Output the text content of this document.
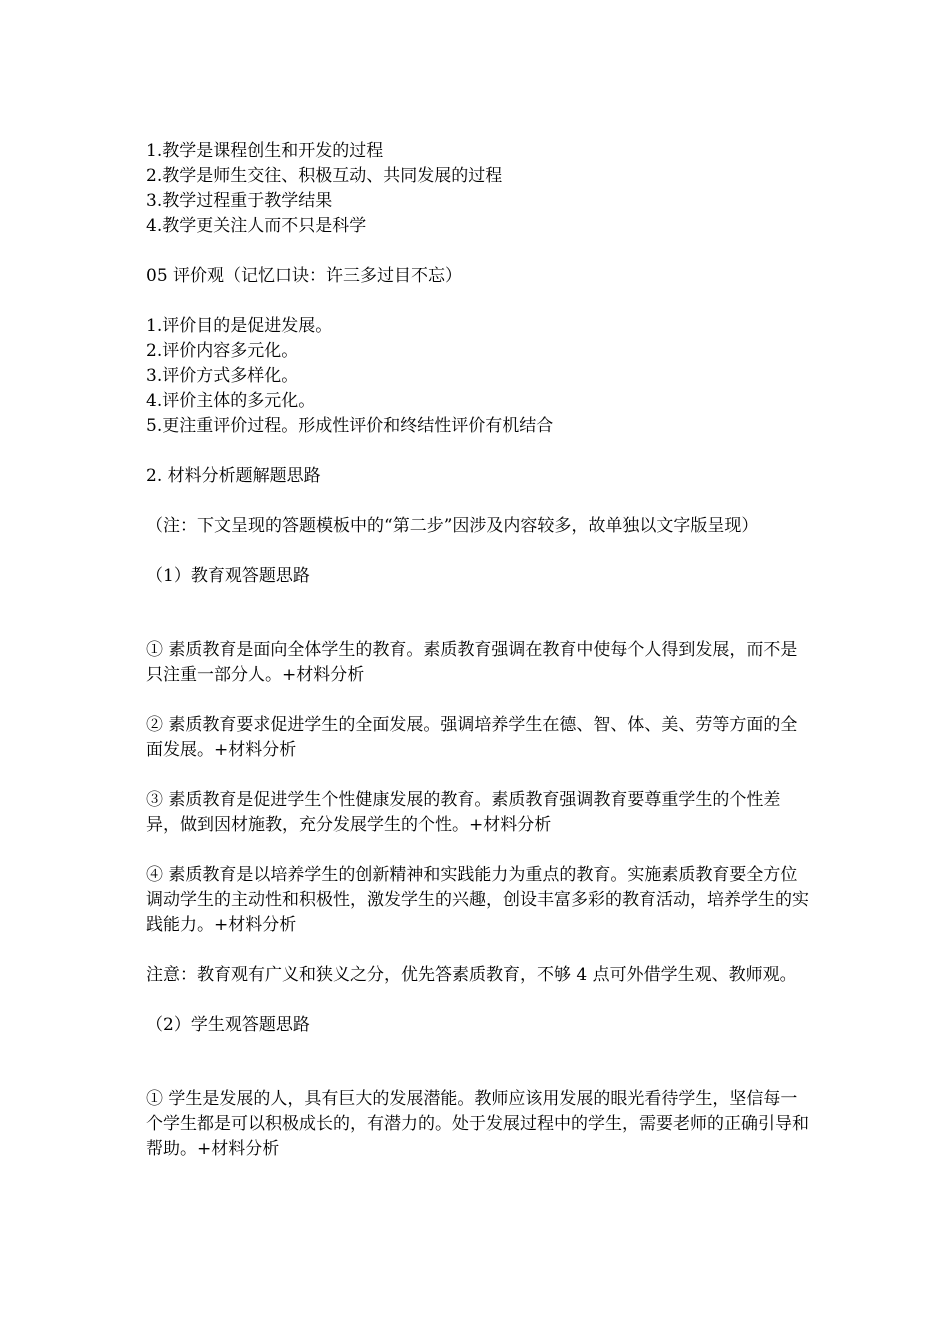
1.教学是课程创生和开发的过程
2.教学是师生交往、积极互动、共同发展的过程
3.教学过程重于教学结果
4.教学更关注人而不只是科学
05 评价观（记忆口诀：许三多过目不忘）
1.评价目的是促进发展。
2.评价内容多元化。
3.评价方式多样化。
4.评价主体的多元化。
5.更注重评价过程。形成性评价和终结性评价有机结合
2. 材料分析题解题思路
（注：下文呈现的答题模板中的“第二步”因涉及内容较多，故单独以文字版呈现）
（1）教育观答题思路
① 素质教育是面向全体学生的教育。素质教育强调在教育中使每个人得到发展，而不是只注重一部分人。+材料分析
② 素质教育要求促进学生的全面发展。强调培养学生在德、智、体、美、劳等方面的全面发展。+材料分析
③ 素质教育是促进学生个性健康发展的教育。素质教育强调教育要尊重学生的个性差异，做到因材施教，充分发展学生的个性。+材料分析
④ 素质教育是以培养学生的创新精神和实践能力为重点的教育。实施素质教育要全方位调动学生的主动性和积极性，激发学生的兴趣，创设丰富多彩的教育活动，培养学生的实践能力。+材料分析
注意：教育观有广义和狭义之分，优先答素质教育，不够 4 点可外借学生观、教师观。
（2）学生观答题思路
① 学生是发展的人，具有巨大的发展潜能。教师应该用发展的眼光看待学生，坚信每一个学生都是可以积极成长的，有潜力的。处于发展过程中的学生，需要老师的正确引导和帮助。+材料分析
